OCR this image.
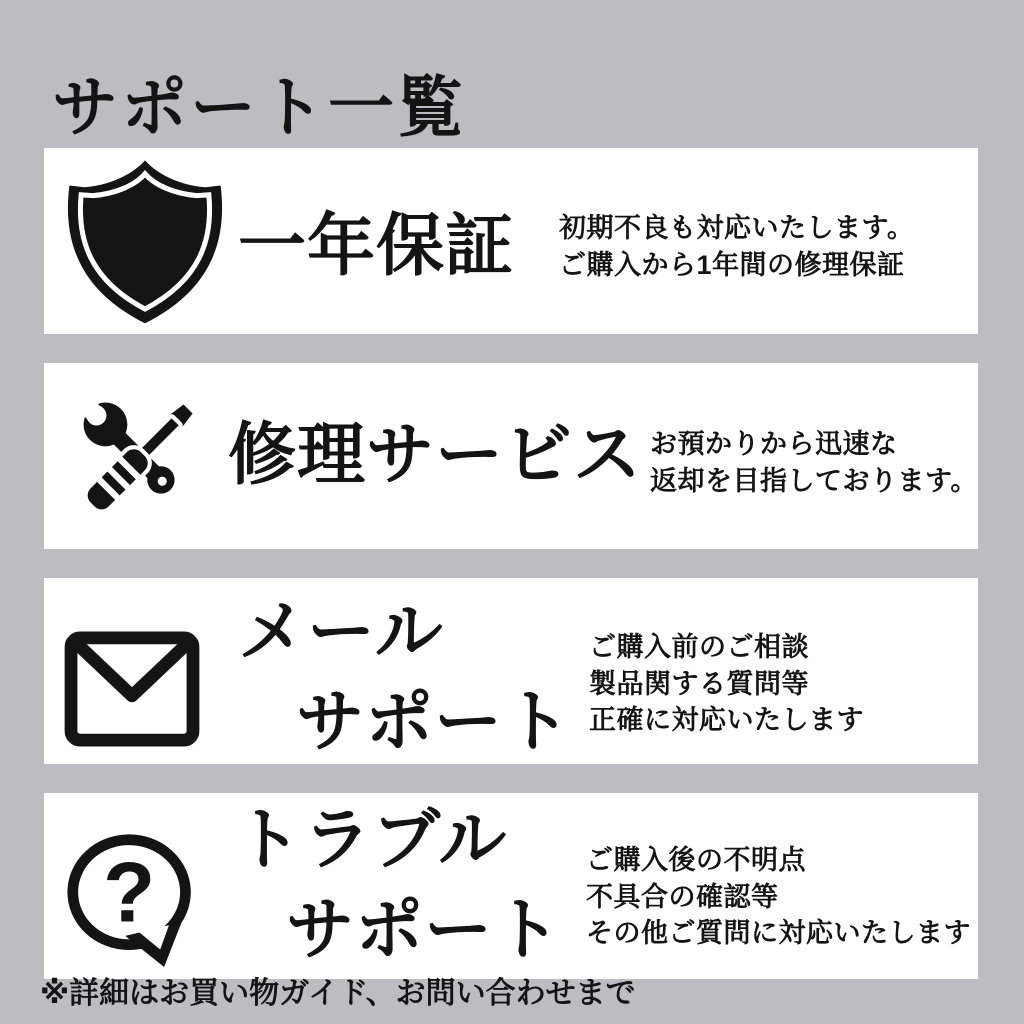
サポート一覧
一年保証 初期不良も対応いたします。
ご購入から1年間の修理保証
修理サービス お預かりから迅速な
返却を目指しております。
メール
サポート
ご購入前のご相談
製品関する質問等
正確に対応いたします
?
トラブル
サポート
ご購入後の不明点
不具合の確認等
その他ご質問に対応いたします
※詳細はお買い物ガイド、お問い合わせまで
